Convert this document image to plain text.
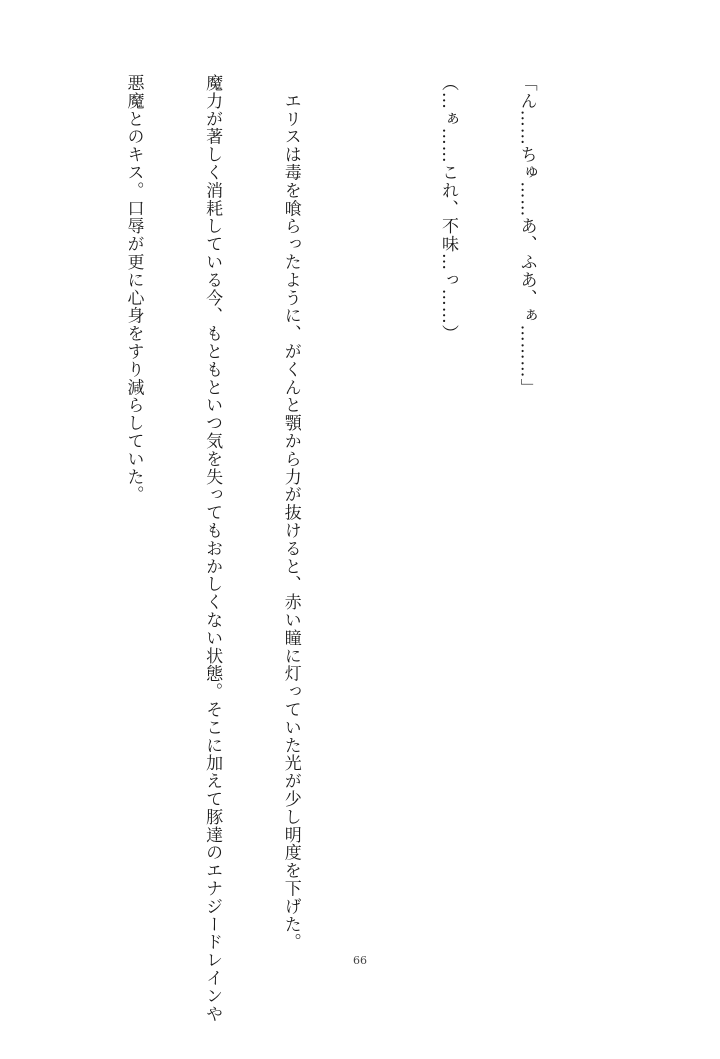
「ん……ちゅ……あ、ふあ、ぁ………」

（…ぁ……これ、不味…っ……）

　エリスは毒を喰らったように、がくんと顎から力が抜けると、赤い瞳に灯っていた光が少し明度を下げた。

魔力が著しく消耗している今、もともといつ気を失ってもおかしくない状態。そこに加えて豚達のエナジードレインや

悪魔とのキス。口辱が更に心身をすり減らしていた。

66
